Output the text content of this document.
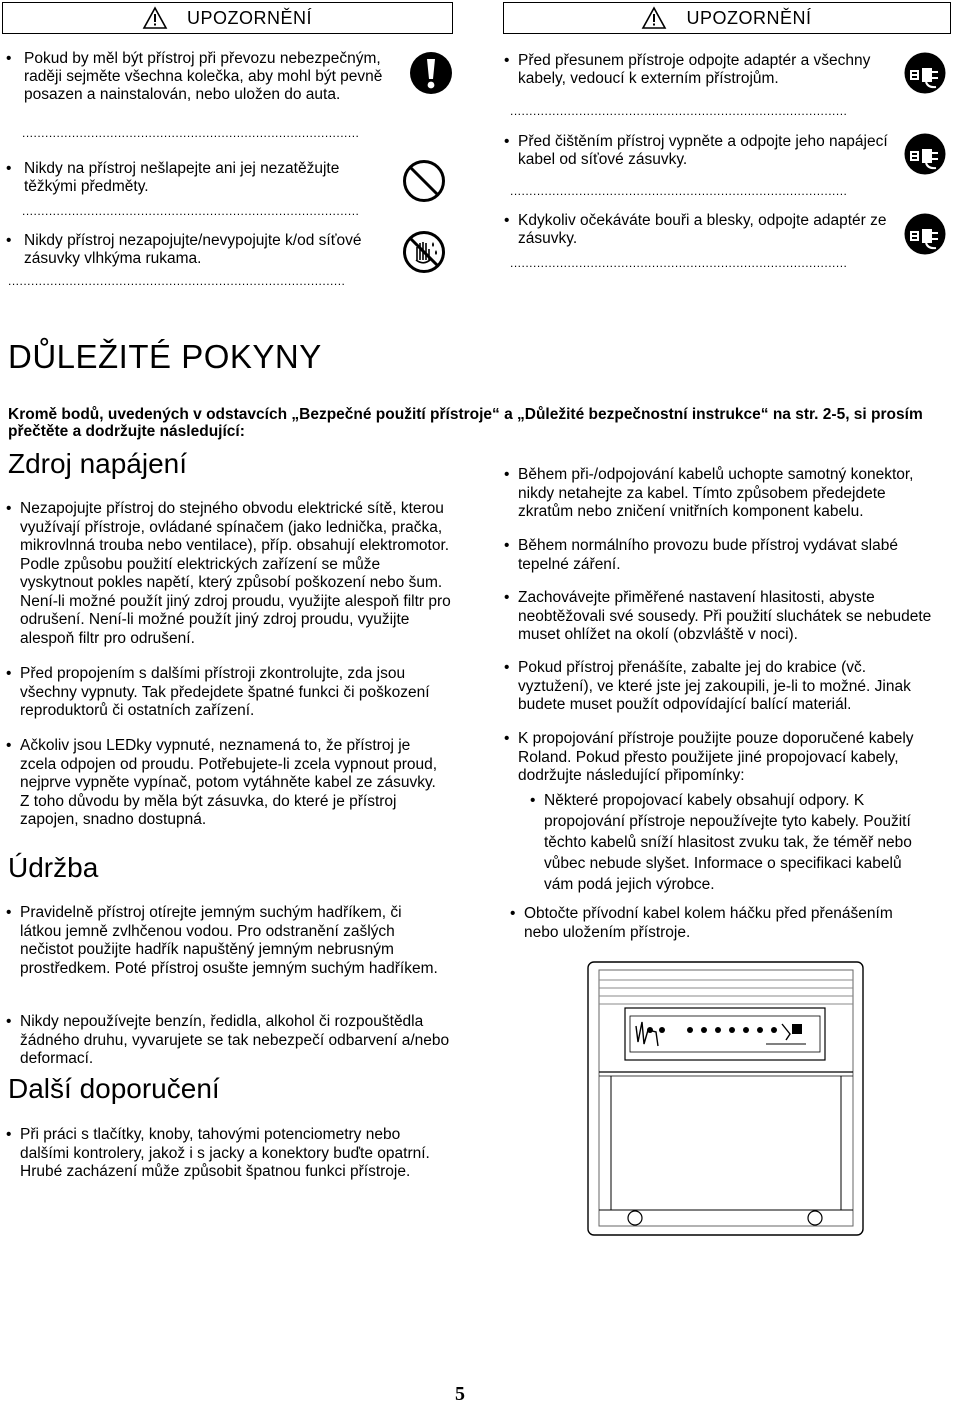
UPOZORNĚNÍ
• Pokud by měl být přístroj při převozu nebezpečným, raději sejměte všechna kolečka, aby mohl být pevně posazen a nainstalován, nebo uložen do auta.
........................................................................................
• Nikdy na přístroj nešlapejte ani jej nezatěžujte těžkými předměty.
........................................................................................
• Nikdy přístroj nezapojujte/nevypojujte k/od síťové zásuvky vlhkýma rukama.
........................................................................................
UPOZORNĚNÍ
• Před přesunem přístroje odpojte adaptér a všechny kabely, vedoucí k externím přístrojům.
........................................................................................
• Před čištěním přístroj vypněte a odpojte jeho napájecí kabel od síťové zásuvky.
........................................................................................
• Kdykoliv očekáváte bouři a blesky, odpojte adaptér ze zásuvky.
........................................................................................
DŮLEŽITÉ POKYNY
Kromě bodů, uvedených v odstavcích „Bezpečné použití přístroje“ a „Důležité bezpečnostní instrukce“ na str. 2-5, si prosím přečtěte a dodržujte následující:
Zdroj napájení
• Nezapojujte přístroj do stejného obvodu elektrické sítě, kterou využívají přístroje, ovládané spínačem (jako lednička, pračka, mikrovlnná trouba nebo ventilace), příp. obsahují elektromotor. Podle způsobu použití elektrických zařízení se může vyskytnout pokles napětí, který způsobí poškození nebo šum. Není-li možné použít jiný zdroj proudu, využijte alespoň filtr pro odrušení. Není-li možné použít jiný zdroj proudu, využijte alespoň filtr pro odrušení.
• Před propojením s dalšími přístroji zkontrolujte, zda jsou všechny vypnuty. Tak předejdete špatné funkci či poškození reproduktorů či ostatních zařízení.
• Ačkoliv jsou LEDky vypnuté, neznamená to, že přístroj je zcela odpojen od proudu. Potřebujete-li zcela vypnout proud, nejprve vypněte vypínač, potom vytáhněte kabel ze zásuvky. Z toho důvodu by měla být zásuvka, do které je přístroj zapojen, snadno dostupná.
Údržba
• Pravidelně přístroj otírejte jemným suchým hadříkem, či látkou jemně zvlhčenou vodou. Pro odstranění zašlých nečistot použijte hadřík napuštěný jemným nebrusným prostředkem. Poté přístroj osušte jemným suchým hadříkem.
• Nikdy nepoužívejte benzín, ředidla, alkohol či rozpouštědla žádného druhu, vyvarujete se tak nebezpečí odbarvení a/nebo deformací.
Další doporučení
• Při práci s tlačítky, knoby, tahovými potenciometry nebo dalšími kontrolery, jakož i s jacky a konektory buďte opatrní. Hrubé zacházení může způsobit špatnou funkci přístroje.
• Během při-/odpojování kabelů uchopte samotný konektor, nikdy netahejte za kabel. Tímto způsobem předejdete zkratům nebo zničení vnitřních komponent kabelu.
• Během normálního provozu bude přístroj vydávat slabé tepelné záření.
• Zachovávejte přiměřené nastavení hlasitosti, abyste neobtěžovali své sousedy. Při použití sluchátek se nebudete muset ohlížet na okolí (obzvláště v noci).
• Pokud přístroj přenášíte, zabalte jej do krabice (vč. vyztužení), ve které jste jej zakoupili, je-li to možné. Jinak budete muset použít odpovídající balící materiál.
• K propojování přístroje použijte pouze doporučené kabely Roland. Pokud přesto použijete jiné propojovací kabely, dodržujte následující připomínky:
• Některé propojovací kabely obsahují odpory. K propojování přístroje nepoužívejte tyto kabely. Použití těchto kabelů sníží hlasitost zvuku tak, že téměř nebo vůbec nebude slyšet. Informace o specifikaci kabelů vám podá jejich výrobce.
• Obtočte přívodní kabel kolem háčku před přenášením nebo uložením přístroje.
5
